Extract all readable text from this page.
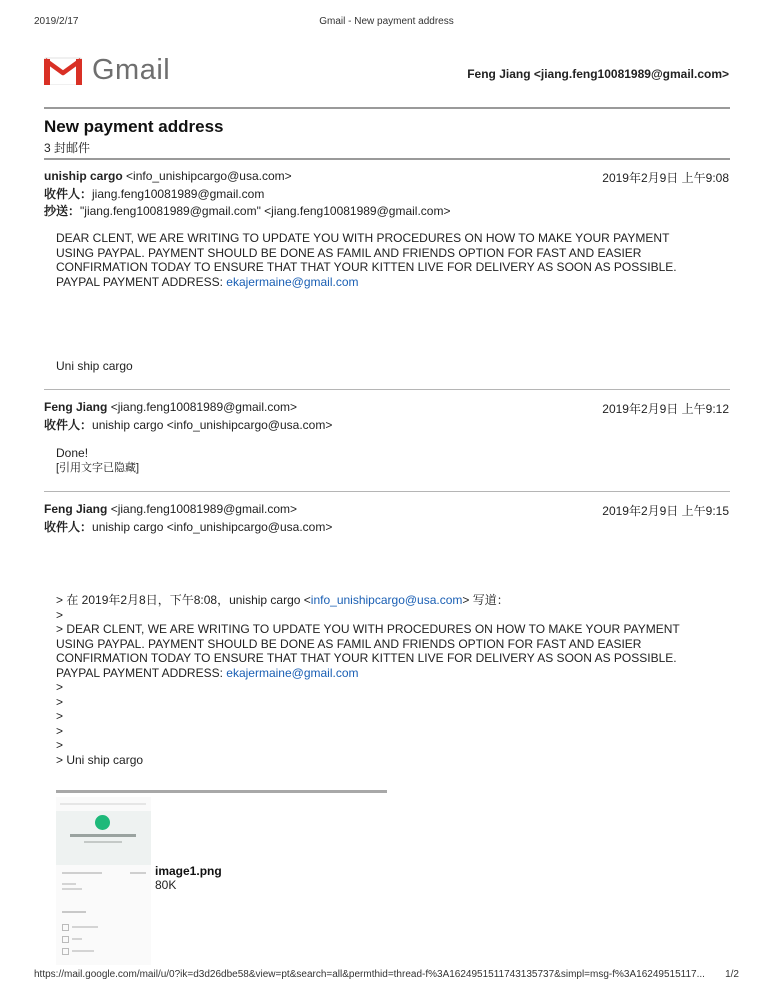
2019/2/17	Gmail - New payment address
Gmail	Feng Jiang <jiang.feng10081989@gmail.com>
New payment address
3 封邮件
uniship cargo <info_unishipcargo@usa.com>	2019年2月9日 上午9:08
收件人：jiang.feng10081989@gmail.com
抄送："jiang.feng10081989@gmail.com" <jiang.feng10081989@gmail.com>
DEAR CLENT, WE ARE WRITING TO UPDATE YOU WITH PROCEDURES ON HOW TO MAKE YOUR PAYMENT
USING PAYPAL. PAYMENT SHOULD BE DONE AS FAMIL AND FRIENDS OPTION FOR FAST AND EASIER
CONFIRMATION TODAY TO ENSURE THAT THAT YOUR KITTEN LIVE FOR DELIVERY AS SOON AS POSSIBLE.
PAYPAL PAYMENT ADDRESS: ekajermaine@gmail.com
Uni ship cargo
Feng Jiang <jiang.feng10081989@gmail.com>	2019年2月9日 上午9:12
收件人：uniship cargo <info_unishipcargo@usa.com>
Done!
[引用文字已隐藏]
Feng Jiang <jiang.feng10081989@gmail.com>	2019年2月9日 上午9:15
收件人：uniship cargo <info_unishipcargo@usa.com>
> 在 2019年2月8日，下午8:08，uniship cargo <info_unishipcargo@usa.com> 写道：
>
> DEAR CLENT, WE ARE WRITING TO UPDATE YOU WITH PROCEDURES ON HOW TO MAKE YOUR PAYMENT
USING PAYPAL. PAYMENT SHOULD BE DONE AS FAMIL AND FRIENDS OPTION FOR FAST AND EASIER
CONFIRMATION TODAY TO ENSURE THAT THAT YOUR KITTEN LIVE FOR DELIVERY AS SOON AS POSSIBLE.
PAYPAL PAYMENT ADDRESS: ekajermaine@gmail.com
>
>
>
>
>
> Uni ship cargo
image1.png
80K
https://mail.google.com/mail/u/0?ik=d3d26dbe58&view=pt&search=all&permthid=thread-f%3A1624951511743135737&simpl=msg-f%3A16249515117... 1/2
